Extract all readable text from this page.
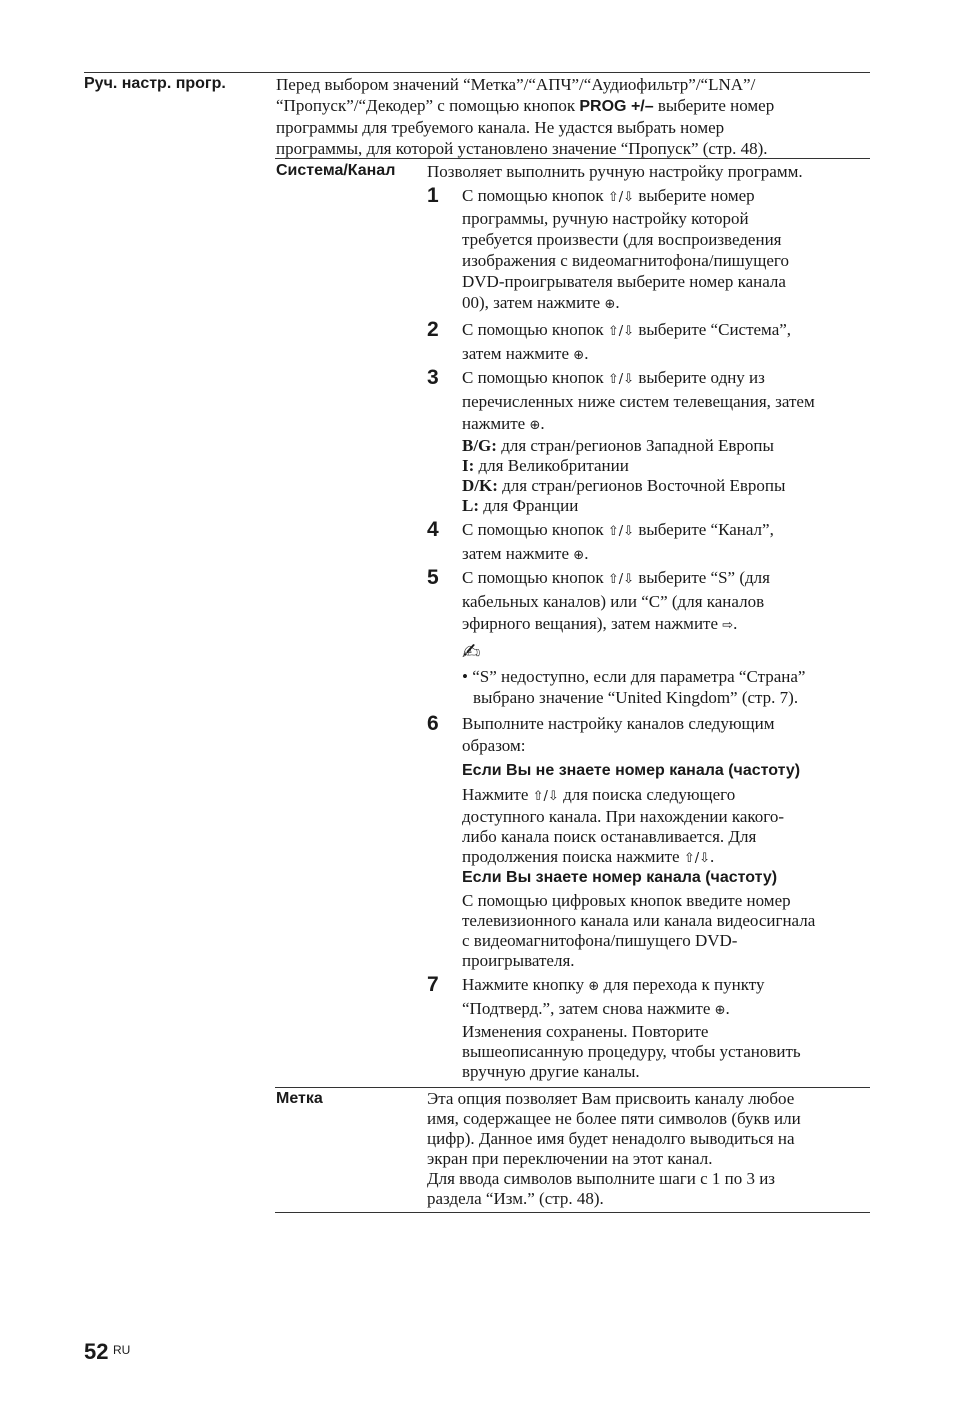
Руч. настр. прогр.	Перед выбором значений “Метка”/“АПЧ”/“Аудиофильтр”/“LNA”/
“Пропуск”/“Декодер” с помощью кнопок PROG +/– выберите номер
программы для требуемого канала. Не удастся выбрать номер
программы, для которой установлено значение “Пропуск” (стр. 48).
Система/Канал Позволяет выполнить ручную настройку программ.
1 С помощью кнопок ⇧/⇩ выберите номер
программы, ручную настройку которой
требуется произвести (для воспроизведения
изображения с видеомагнитофона/пишущего
DVD-проигрывателя выберите номер канала
00), затем нажмите ⊕.
2 С помощью кнопок ⇧/⇩ выберите “Система”,
затем нажмите ⊕.
3 С помощью кнопок ⇧/⇩ выберите одну из
перечисленных ниже систем телевещания, затем
нажмите ⊕.
B/G: для стран/регионов Западной Европы
I: для Великобритании
D/K: для стран/регионов Восточной Европы
L: для Франции
4 С помощью кнопок ⇧/⇩ выберите “Канал”,
затем нажмите ⊕.
5 С помощью кнопок ⇧/⇩ выберите “S” (для
кабельных каналов) или “C” (для каналов
эфирного вещания), затем нажмите ⇨.
✍
• “S” недоступно, если для параметра “Страна”
выбрано значение “United Kingdom” (стр. 7).
6 Выполните настройку каналов следующим
образом:
Если Вы не знаете номер канала (частоту)
Нажмите ⇧/⇩ для поиска следующего
доступного канала. При нахождении какого-
либо канала поиск останавливается. Для
продолжения поиска нажмите ⇧/⇩.
Если Вы знаете номер канала (частоту)
С помощью цифровых кнопок введите номер
телевизионного канала или канала видеосигнала
с видеомагнитофона/пишущего DVD-
проигрывателя.
7 Нажмите кнопку ⊕ для перехода к пункту
“Подтверд.”, затем снова нажмите ⊕.
Изменения сохранены. Повторите
вышеописанную процедуру, чтобы установить
вручную другие каналы.
Метка	Эта опция позволяет Вам присвоить каналу любое
имя, содержащее не более пяти символов (букв или
цифр). Данное имя будет ненадолго выводиться на
экран при переключении на этот канал.
Для ввода символов выполните шаги с 1 по 3 из
раздела “Изм.” (стр. 48).
52 RU
